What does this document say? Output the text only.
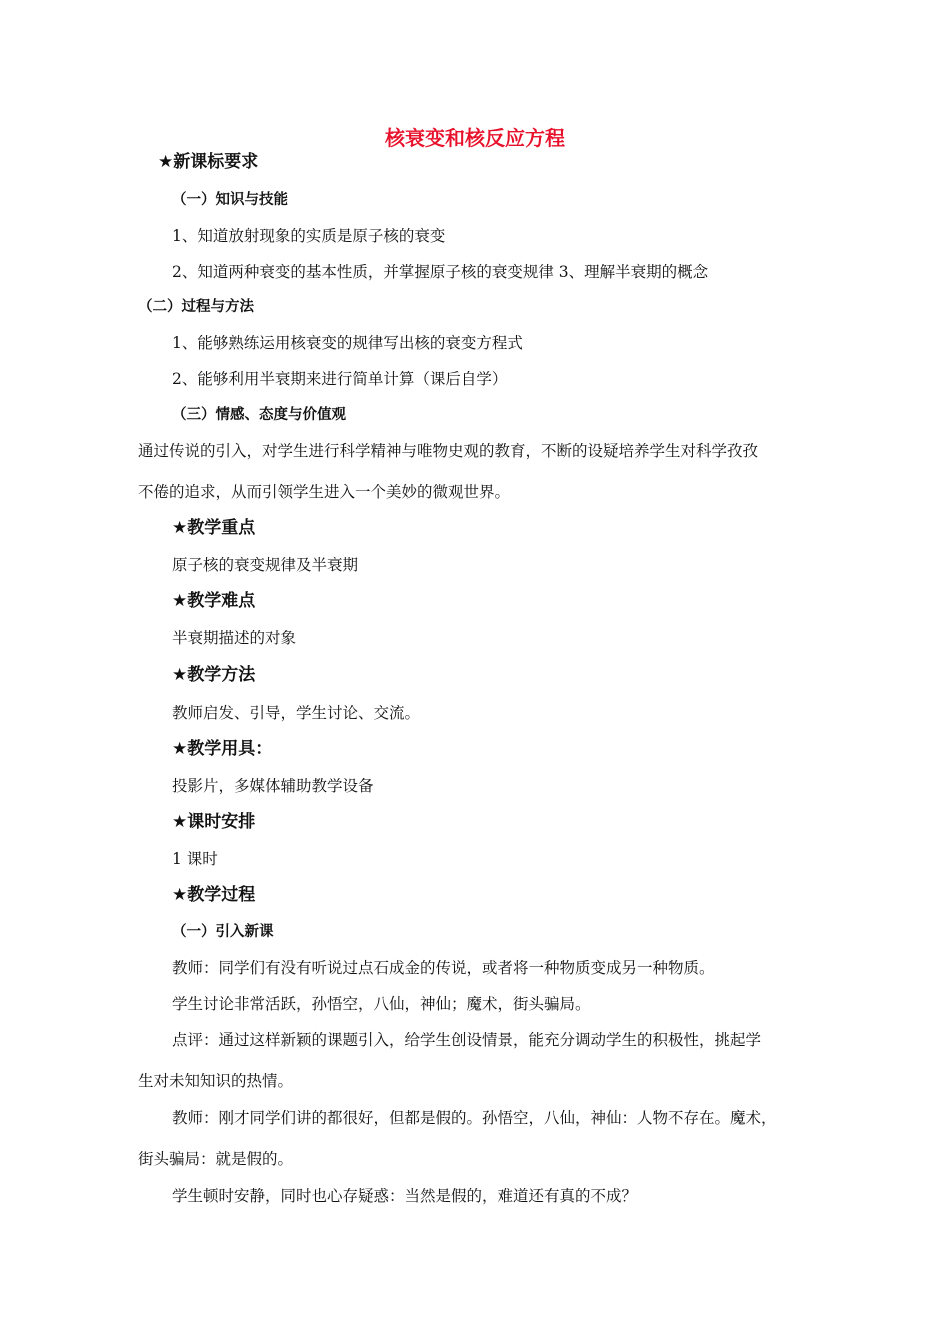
核衰变和核反应方程
★新课标要求
（一）知识与技能
1、知道放射现象的实质是原子核的衰变
2、知道两种衰变的基本性质，并掌握原子核的衰变规律 3、理解半衰期的概念
（二）过程与方法
1、能够熟练运用核衰变的规律写出核的衰变方程式
2、能够利用半衰期来进行简单计算（课后自学）
（三）情感、态度与价值观
通过传说的引入，对学生进行科学精神与唯物史观的教育，不断的设疑培养学生对科学孜孜
不倦的追求，从而引领学生进入一个美妙的微观世界。
★教学重点
原子核的衰变规律及半衰期
★教学难点
半衰期描述的对象
★教学方法
教师启发、引导，学生讨论、交流。
★教学用具：
投影片，多媒体辅助教学设备
★课时安排
1 课时
★教学过程
（一）引入新课
教师：同学们有没有听说过点石成金的传说，或者将一种物质变成另一种物质。
学生讨论非常活跃，孙悟空，八仙，神仙；魔术，街头骗局。
点评：通过这样新颖的课题引入，给学生创设情景，能充分调动学生的积极性，挑起学
生对未知知识的热情。
教师：刚才同学们讲的都很好，但都是假的。孙悟空，八仙，神仙：人物不存在。魔术，
街头骗局：就是假的。
学生顿时安静，同时也心存疑惑：当然是假的，难道还有真的不成？
